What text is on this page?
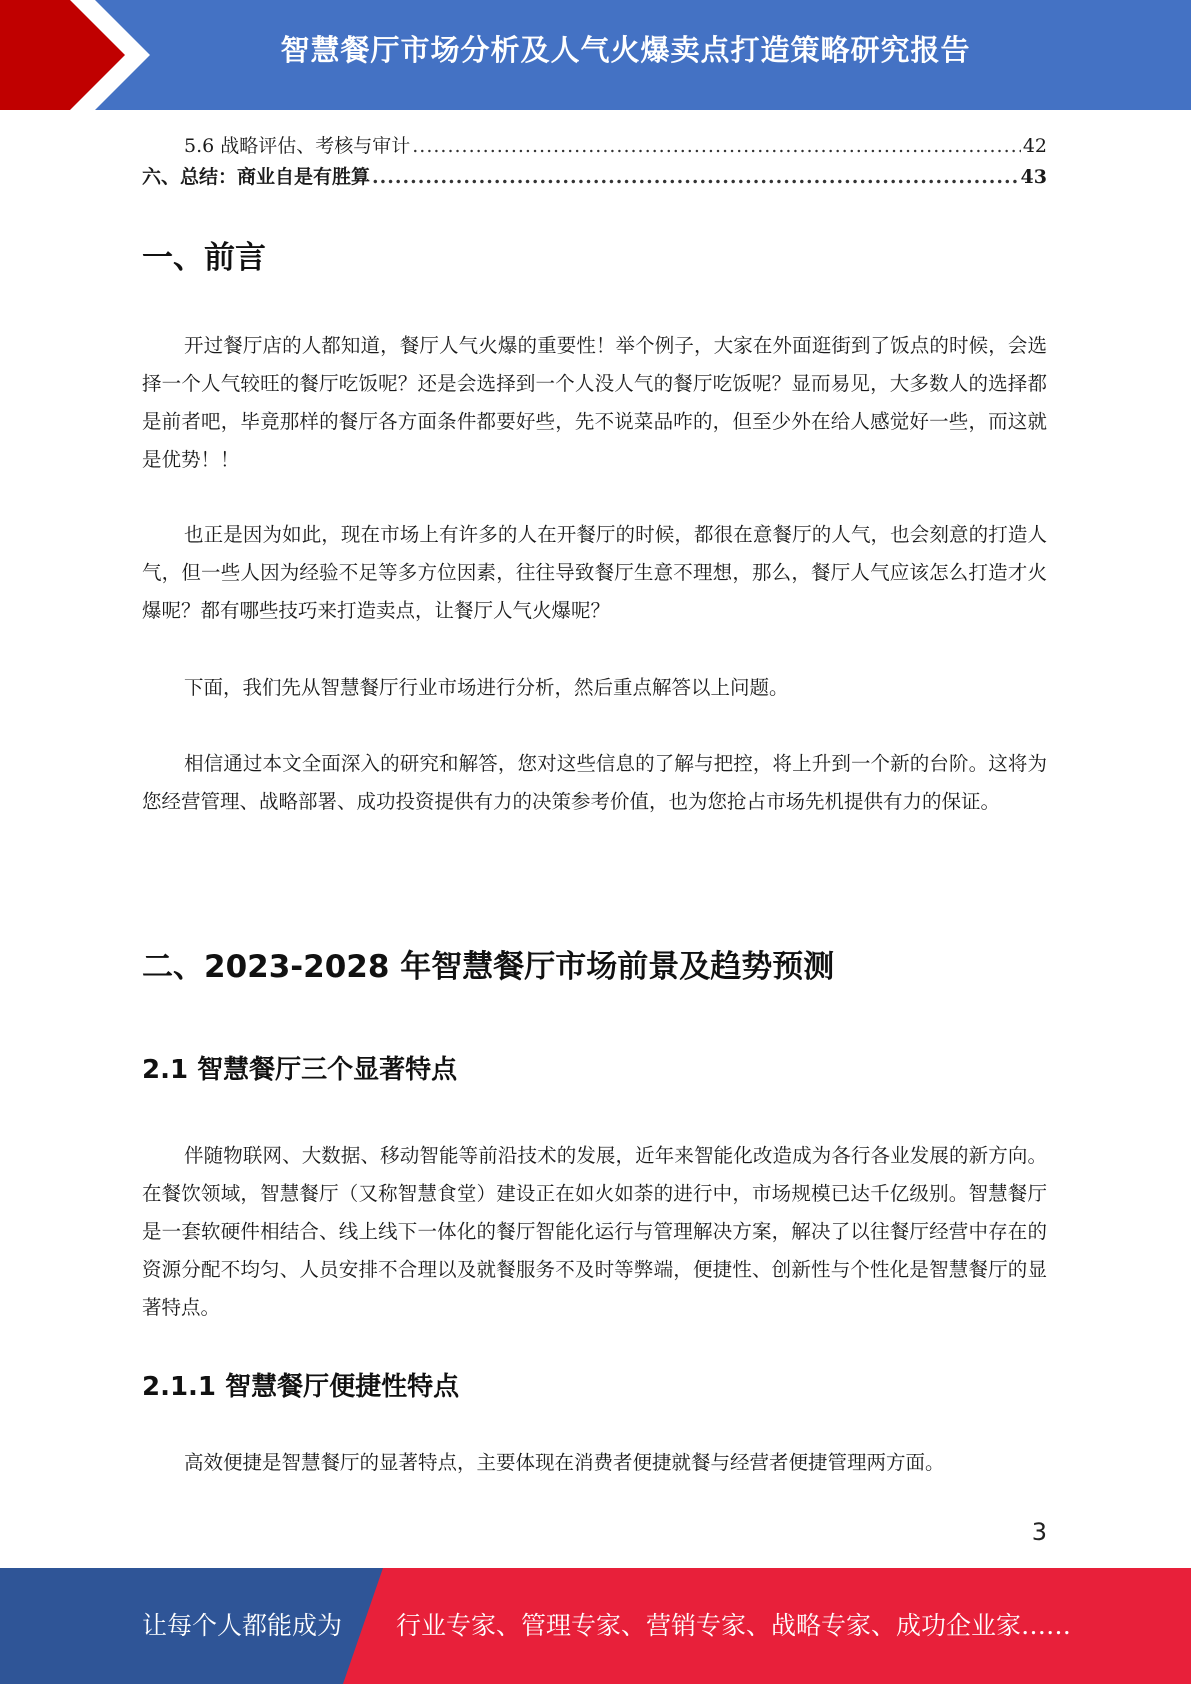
智慧餐厅市场分析及人气火爆卖点打造策略研究报告
5.6 战略评估、考核与审计 .....	42
六、总结：商业自是有胜算 .....	43
一、前言

开过餐厅店的人都知道，餐厅人气火爆的重要性！举个例子，大家在外面逛街到了饭点的时候，会选择一个人气较旺的餐厅吃饭呢？还是会选择到一个人没人气的餐厅吃饭呢？显而易见，大多数人的选择都是前者吧，毕竟那样的餐厅各方面条件都要好些，先不说菜品咋的，但至少外在给人感觉好一些，而这就是优势！！

也正是因为如此，现在市场上有许多的人在开餐厅的时候，都很在意餐厅的人气，也会刻意的打造人气，但一些人因为经验不足等多方位因素，往往导致餐厅生意不理想，那么，餐厅人气应该怎么打造才火爆呢？都有哪些技巧来打造卖点，让餐厅人气火爆呢？

下面，我们先从智慧餐厅行业市场进行分析，然后重点解答以上问题。

相信通过本文全面深入的研究和解答，您对这些信息的了解与把控，将上升到一个新的台阶。这将为您经营管理、战略部署、成功投资提供有力的决策参考价值，也为您抢占市场先机提供有力的保证。

二、2023-2028 年智慧餐厅市场前景及趋势预测
2.1 智慧餐厅三个显著特点

伴随物联网、大数据、移动智能等前沿技术的发展，近年来智能化改造成为各行各业发展的新方向。在餐饮领域，智慧餐厅（又称智慧食堂）建设正在如火如荼的进行中，市场规模已达千亿级别。智慧餐厅是一套软硬件相结合、线上线下一体化的餐厅智能化运行与管理解决方案，解决了以往餐厅经营中存在的资源分配不均匀、人员安排不合理以及就餐服务不及时等弊端，便捷性、创新性与个性化是智慧餐厅的显著特点。

2.1.1 智慧餐厅便捷性特点

高效便捷是智慧餐厅的显著特点，主要体现在消费者便捷就餐与经营者便捷管理两方面。

3
让每个人都能成为 行业专家、管理专家、营销专家、战略专家、成功企业家……
